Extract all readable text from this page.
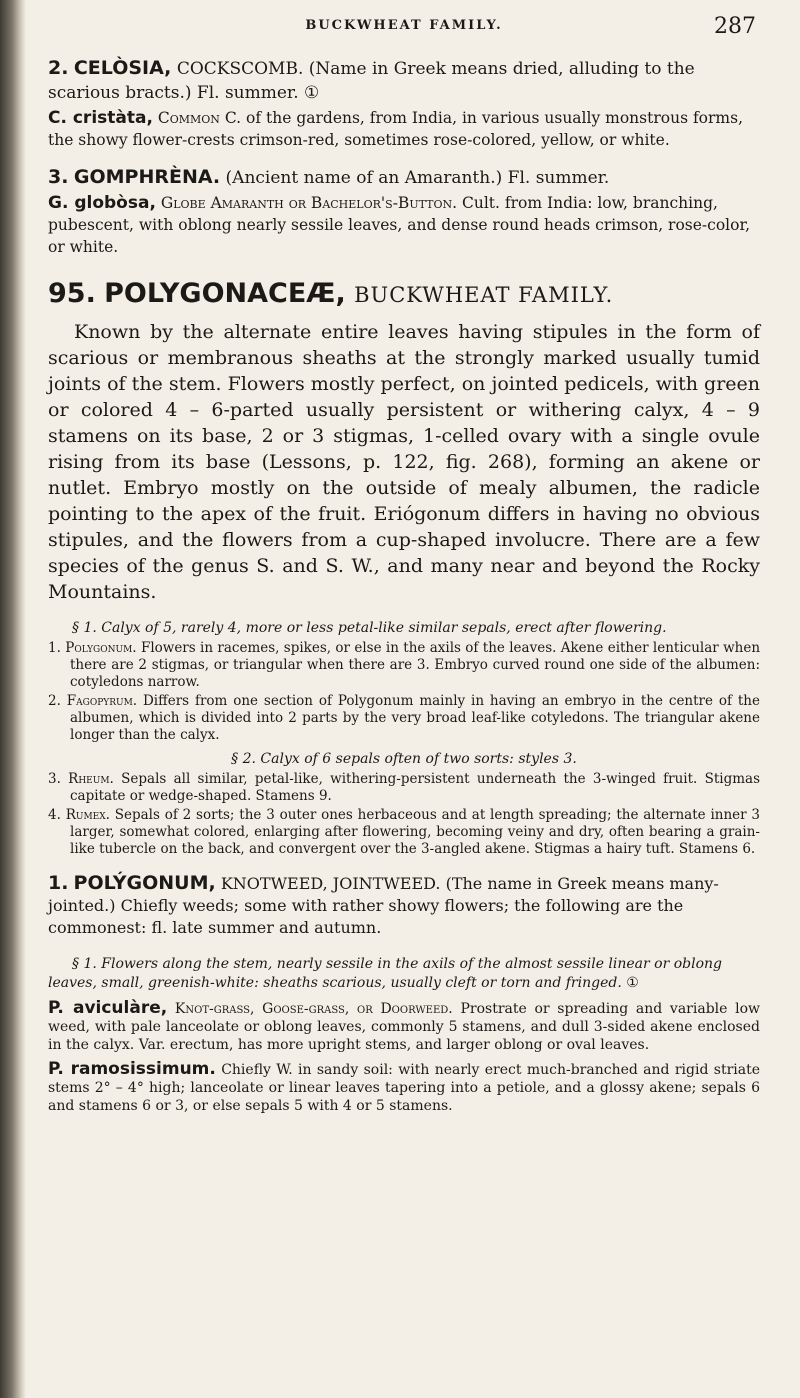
BUCKWHEAT FAMILY.	287

2. CELÒSIA, COCKSCOMB. (Name in Greek means dried, alluding to the scarious bracts.) Fl. summer. ①

C. cristàta, Common C. of the gardens, from India, in various usually monstrous forms, the showy flower-crests crimson-red, sometimes rose-colored, yellow, or white.

3. GOMPHRÈNA. (Ancient name of an Amaranth.) Fl. summer.

G. globòsa, Globe Amaranth or Bachelor's-Button. Cult. from India: low, branching, pubescent, with oblong nearly sessile leaves, and dense round heads crimson, rose-color, or white.

95. POLYGONACEÆ, BUCKWHEAT FAMILY.

Known by the alternate entire leaves having stipules in the form of scarious or membranous sheaths at the strongly marked usually tumid joints of the stem. Flowers mostly perfect, on jointed pedicels, with green or colored 4 – 6-parted usually persistent or withering calyx, 4 – 9 stamens on its base, 2 or 3 stigmas, 1-celled ovary with a single ovule rising from its base (Lessons, p. 122, fig. 268), forming an akene or nutlet. Embryo mostly on the outside of mealy albumen, the radicle pointing to the apex of the fruit. Eriógonum differs in having no obvious stipules, and the flowers from a cup-shaped involucre. There are a few species of the genus S. and S. W., and many near and beyond the Rocky Mountains.

§ 1. Calyx of 5, rarely 4, more or less petal-like similar sepals, erect after flowering.

1. Polygonum. Flowers in racemes, spikes, or else in the axils of the leaves. Akene either lenticular when there are 2 stigmas, or triangular when there are 3. Embryo curved round one side of the albumen: cotyledons narrow.

2. Fagopyrum. Differs from one section of Polygonum mainly in having an embryo in the centre of the albumen, which is divided into 2 parts by the very broad leaf-like cotyledons. The triangular akene longer than the calyx.

§ 2. Calyx of 6 sepals often of two sorts: styles 3.

3. Rheum. Sepals all similar, petal-like, withering-persistent underneath the 3-winged fruit. Stigmas capitate or wedge-shaped. Stamens 9.

4. Rumex. Sepals of 2 sorts; the 3 outer ones herbaceous and at length spreading; the alternate inner 3 larger, somewhat colored, enlarging after flowering, becoming veiny and dry, often bearing a grain-like tubercle on the back, and convergent over the 3-angled akene. Stigmas a hairy tuft. Stamens 6.

1. POLÝGONUM, KNOTWEED, JOINTWEED. (The name in Greek means many-jointed.) Chiefly weeds; some with rather showy flowers; the following are the commonest: fl. late summer and autumn.

§ 1. Flowers along the stem, nearly sessile in the axils of the almost sessile linear or oblong leaves, small, greenish-white: sheaths scarious, usually cleft or torn and fringed. ①

P. aviculàre, Knot-grass, Goose-grass, or Doorweed. Prostrate or spreading and variable low weed, with pale lanceolate or oblong leaves, commonly 5 stamens, and dull 3-sided akene enclosed in the calyx. Var. erectum, has more upright stems, and larger oblong or oval leaves.

P. ramosissimum. Chiefly W. in sandy soil: with nearly erect much-branched and rigid striate stems 2° – 4° high; lanceolate or linear leaves tapering into a petiole, and a glossy akene; sepals 6 and stamens 6 or 3, or else sepals 5 with 4 or 5 stamens.
